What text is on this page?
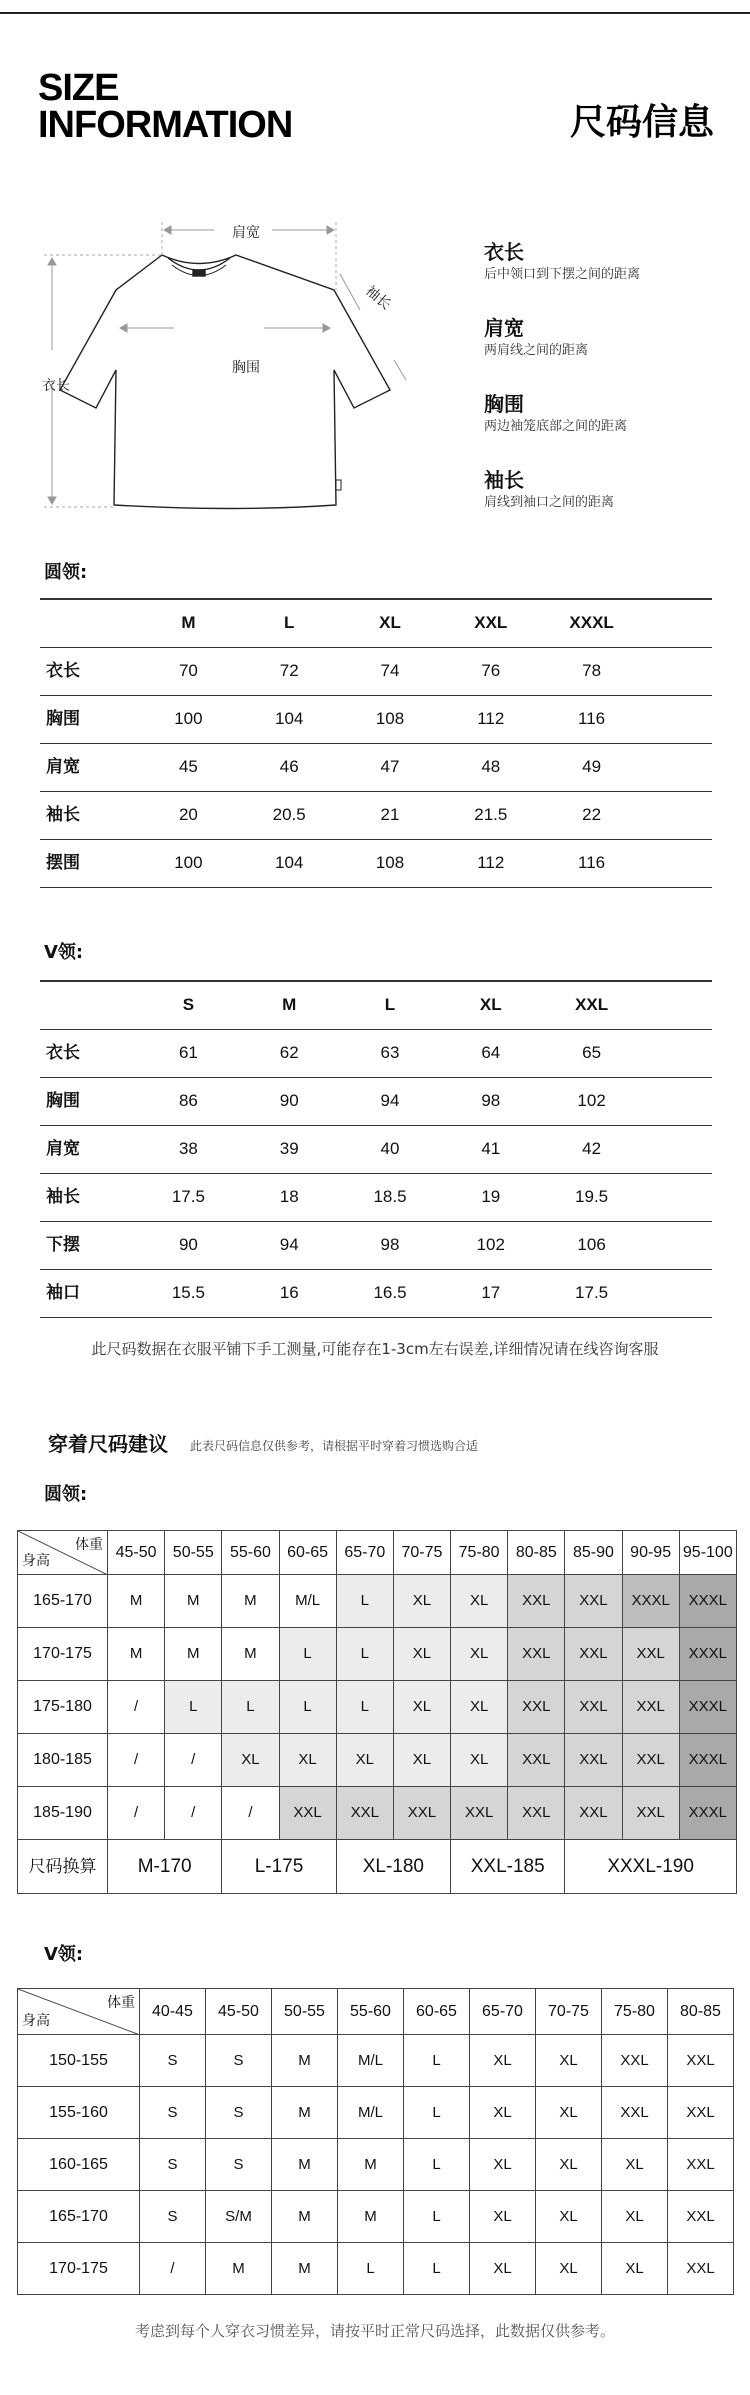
SIZE
INFORMATION	尺码信息
肩宽
袖长
胸围
衣长
衣长
后中领口到下摆之间的距离
肩宽
两肩线之间的距离
胸围
两边袖笼底部之间的距离
袖长
肩线到袖口之间的距离
圆领:
	M	L	XL	XXL	XXXL	
衣长	70	72	74	76	78	
胸围	100	104	108	112	116	
肩宽	45	46	47	48	49	
袖长	20	20.5	21	21.5	22	
摆围	100	104	108	112	116	
V领:
	S	M	L	XL	XXL	
衣长	61	62	63	64	65	
胸围	86	90	94	98	102	
肩宽	38	39	40	41	42	
袖长	17.5	18	18.5	19	19.5	
下摆	90	94	98	102	106	
袖口	15.5	16	16.5	17	17.5	
此尺码数据在衣服平铺下手工测量,可能存在1-3cm左右误差,详细情况请在线咨询客服
穿着尺码建议 此表尺码信息仅供参考，请根据平时穿着习惯选购合适
圆领:
体重
身高	45-50	50-55	55-60	60-65	65-70	70-75	75-80	80-85	85-90	90-95	95-100
165-170	M	M	M	M/L	L	XL	XL	XXL	XXL	XXXL	XXXL
170-175	M	M	M	L	L	XL	XL	XXL	XXL	XXL	XXXL
175-180	/	L	L	L	L	XL	XL	XXL	XXL	XXL	XXXL
180-185	/	/	XL	XL	XL	XL	XL	XXL	XXL	XXL	XXXL
185-190	/	/	/	XXL	XXL	XXL	XXL	XXL	XXL	XXL	XXXL
尺码换算	M-170		L-175		XL-180		XXL-185		XXXL-190		
V领:
体重
身高	40-45	45-50	50-55	55-60	60-65	65-70	70-75	75-80	80-85
150-155	S	S	M	M/L	L	XL	XL	XXL	XXL
155-160	S	S	M	M/L	L	XL	XL	XXL	XXL
160-165	S	S	M	M	L	XL	XL	XL	XXL
165-170	S	S/M	M	M	L	XL	XL	XL	XXL
170-175	/	M	M	L	L	XL	XL	XL	XXL
考虑到每个人穿衣习惯差异，请按平时正常尺码选择，此数据仅供参考。
